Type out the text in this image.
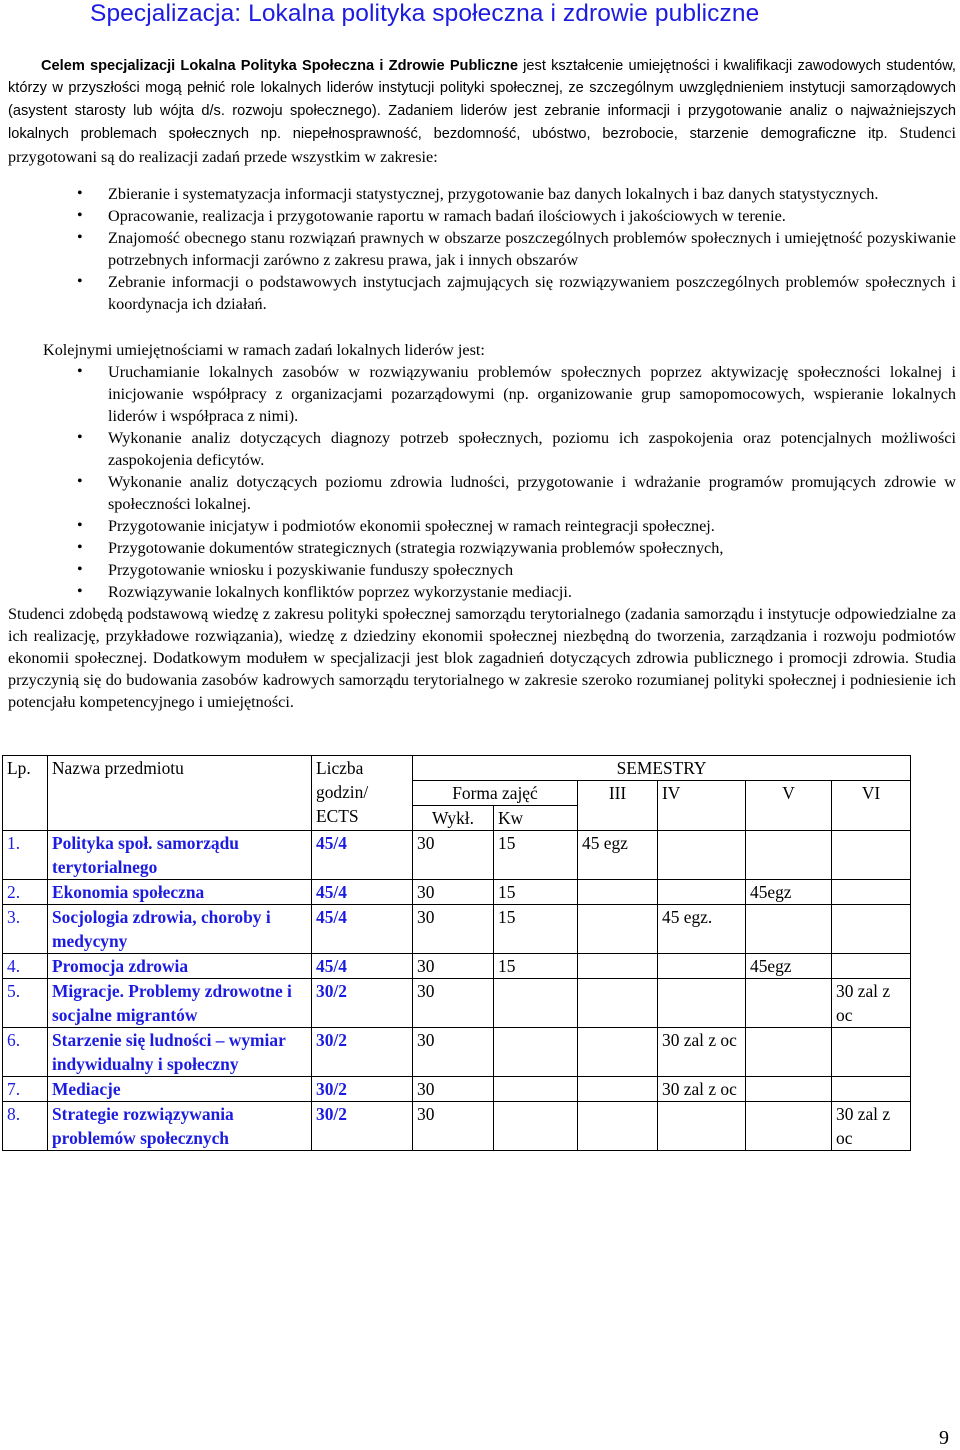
Specjalizacja: Lokalna polityka społeczna i zdrowie publiczne

Celem specjalizacji Lokalna Polityka Społeczna i Zdrowie Publiczne jest kształcenie umiejętności i kwalifikacji zawodowych studentów, którzy w przyszłości mogą pełnić role lokalnych liderów instytucji polityki społecznej, ze szczególnym uwzględnieniem instytucji samorządowych (asystent starosty lub wójta d/s. rozwoju społecznego). Zadaniem liderów jest zebranie informacji i przygotowanie analiz o najważniejszych lokalnych problemach społecznych np. niepełnosprawność, bezdomność, ubóstwo, bezrobocie, starzenie demograficzne itp. Studenci przygotowani są do realizacji zadań przede wszystkim w zakresie:

• Zbieranie i systematyzacja informacji statystycznej, przygotowanie baz danych lokalnych i baz danych statystycznych.
• Opracowanie, realizacja i przygotowanie raportu w ramach badań ilościowych i jakościowych w terenie.
• Znajomość obecnego stanu rozwiązań prawnych w obszarze poszczególnych problemów społecznych i umiejętność pozyskiwanie potrzebnych informacji zarówno z zakresu prawa, jak i innych obszarów
• Zebranie informacji o podstawowych instytucjach zajmujących się rozwiązywaniem poszczególnych problemów społecznych i koordynacja ich działań.

Kolejnymi umiejętnościami w ramach zadań lokalnych liderów jest:

• Uruchamianie lokalnych zasobów w rozwiązywaniu problemów społecznych poprzez aktywizację społeczności lokalnej i inicjowanie współpracy z organizacjami pozarządowymi (np. organizowanie grup samopomocowych, wspieranie lokalnych liderów i współpraca z nimi).
• Wykonanie analiz dotyczących diagnozy potrzeb społecznych, poziomu ich zaspokojenia oraz potencjalnych możliwości zaspokojenia deficytów.
• Wykonanie analiz dotyczących poziomu zdrowia ludności, przygotowanie i wdrażanie programów promujących zdrowie w społeczności lokalnej.
• Przygotowanie inicjatyw i podmiotów ekonomii społecznej w ramach reintegracji społecznej.
• Przygotowanie dokumentów strategicznych (strategia rozwiązywania problemów społecznych,
• Przygotowanie wniosku i pozyskiwanie funduszy społecznych
• Rozwiązywanie lokalnych konfliktów poprzez wykorzystanie mediacji.

Studenci zdobędą podstawową wiedzę z zakresu polityki społecznej samorządu terytorialnego (zadania samorządu i instytucje odpowiedzialne za ich realizację, przykładowe rozwiązania), wiedzę z dziedziny ekonomii społecznej niezbędną do tworzenia, zarządzania i rozwoju podmiotów ekonomii społecznej. Dodatkowym modułem w specjalizacji jest blok zagadnień dotyczących zdrowia publicznego i promocji zdrowia. Studia przyczynią się do budowania zasobów kadrowych samorządu terytorialnego w zakresie szeroko rozumianej polityki społecznej i podniesienie ich potencjału kompetencyjnego i umiejętności.

Lp.	Nazwa przedmiotu	Liczba godzin/ ECTS	SEMESTRY					
			Forma zajęć		III	IV	V	VI
			Wykł.	Kw				
1.	Polityka społ. samorządu terytorialnego	45/4	30	15	45 egz			
2.	Ekonomia społeczna	45/4	30	15			45egz	
3.	Socjologia zdrowia, choroby i medycyny	45/4	30	15		45 egz.		
4.	Promocja zdrowia	45/4	30	15			45egz	
5.	Migracje. Problemy zdrowotne i socjalne migrantów	30/2	30					30 zal z oc
6.	Starzenie się ludności – wymiar indywidualny i społeczny	30/2	30			30 zal z oc		
7.	Mediacje	30/2	30			30 zal z oc		
8.	Strategie rozwiązywania problemów społecznych	30/2	30					30 zal z oc
9
